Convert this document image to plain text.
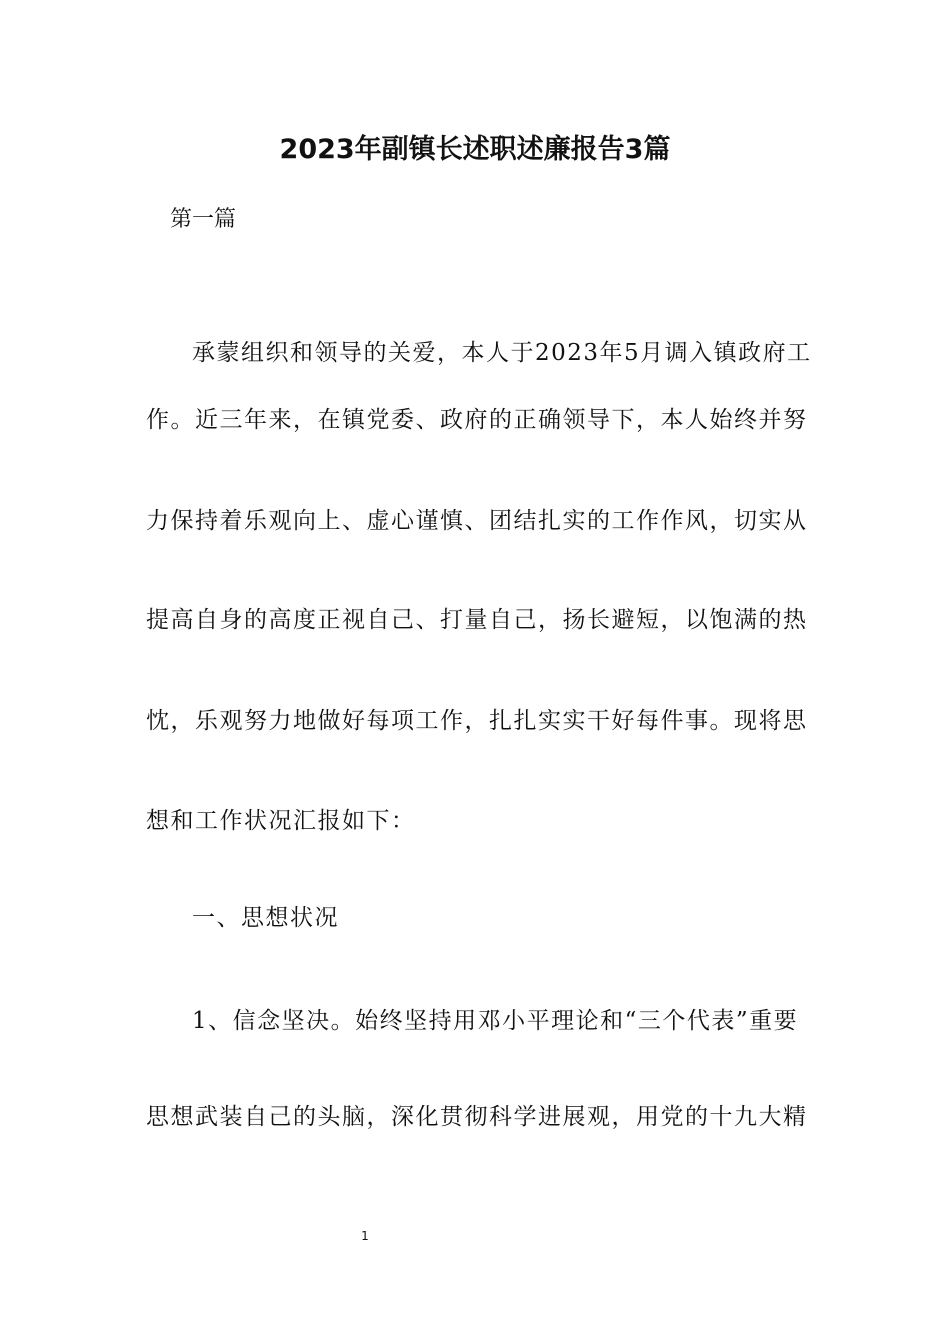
2023年副镇长述职述廉报告3篇
第一篇
承蒙组织和领导的关爱，本人于2023年5月调入镇政府工
作。近三年来，在镇党委、政府的正确领导下，本人始终并努
力保持着乐观向上、虚心谨慎、团结扎实的工作作风，切实从
提高自身的高度正视自己、打量自己，扬长避短，以饱满的热
忱，乐观努力地做好每项工作，扎扎实实干好每件事。现将思
想和工作状况汇报如下：
一、思想状况
1、信念坚决。始终坚持用邓小平理论和“三个代表”重要
思想武装自己的头脑，深化贯彻科学进展观，用党的十九大精
1
